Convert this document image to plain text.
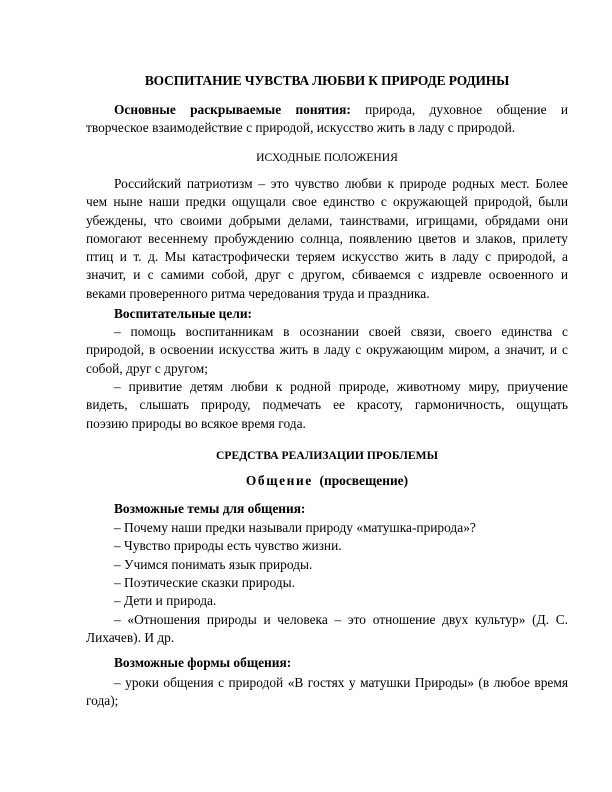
ВОСПИТАНИЕ ЧУВСТВА ЛЮБВИ К ПРИРОДЕ РОДИНЫ

Основные раскрываемые понятия: природа, духовное общение и
творческое взаимодействие с природой, искусство жить в ладу с природой.

ИСХОДНЫЕ ПОЛОЖЕНИЯ

Российский патриотизм – это чувство любви к природе родных мест. Более
чем ныне наши предки ощущали свое единство с окружающей природой, были
убеждены, что своими добрыми делами, таинствами, игрищами, обрядами они
помогают весеннему пробуждению солнца, появлению цветов и злаков, прилету
птиц и т. д. Мы катастрофически теряем искусство жить в ладу с природой, а
значит, и с самими собой, друг с другом, сбиваемся с издревле освоенного и
веками проверенного ритма чередования труда и праздника.

Воспитательные цели:

– помощь воспитанникам в осознании своей связи, своего единства с
природой, в освоении искусства жить в ладу с окружающим миром, а значит, и с
собой, друг с другом;
– привитие детям любви к родной природе, животному миру, приучение
видеть, слышать природу, подмечать ее красоту, гармоничность, ощущать
поэзию природы во всякое время года.

СРЕДСТВА РЕАЛИЗАЦИИ ПРОБЛЕМЫ

Общение (просвещение)

Возможные темы для общения:

– Почему наши предки называли природу «матушка-природа»?
– Чувство природы есть чувство жизни.
– Учимся понимать язык природы.
– Поэтические сказки природы.
– Дети и природа.
– «Отношения природы и человека – это отношение двух культур» (Д. С.
Лихачев). И др.

Возможные формы общения:

– уроки общения с природой «В гостях у матушки Природы» (в любое время
года);
